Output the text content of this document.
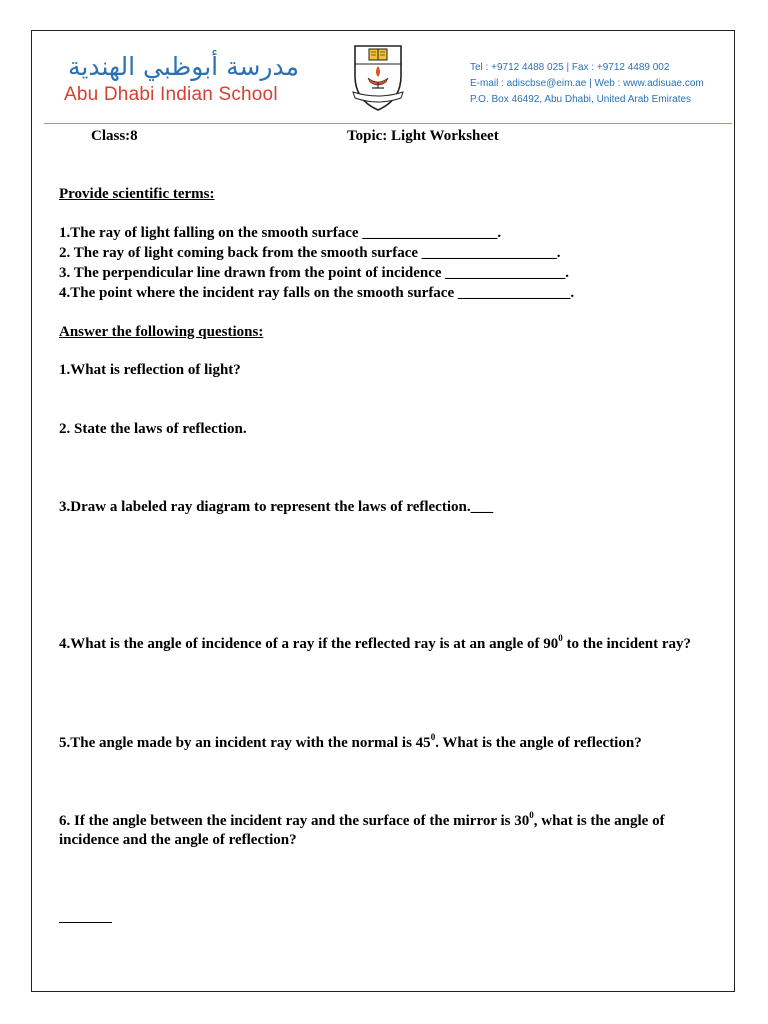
مدرسة أبوظبي الهندية
Abu Dhabi Indian School
Tel : +9712 4488 025 | Fax : +9712 4489 002
E-mail : adiscbse@eim.ae | Web : www.adisuae.com
P.O. Box 46492, Abu Dhabi, United Arab Emirates
Class:8	Topic: Light Worksheet
Provide scientific terms:
1.The ray of light falling on the smooth surface __________________.
2. The ray of light coming back from the smooth surface __________________.
3. The perpendicular line drawn from the point of incidence ________________.
4.The point where the incident ray falls on the smooth surface _______________.
Answer the following questions:
1.What is reflection of light?
2. State the laws of reflection.
3.Draw a labeled ray diagram to represent the laws of reflection.___
4.What is the angle of incidence of a ray if the reflected ray is at an angle of $90^0$ to the incident ray?
5.The angle made by an incident ray with the normal is $45^0$. What is the angle of reflection?
6. If the angle between the incident ray and the surface of the mirror is $30^0$, what is the angle of incidence and the angle of reflection?
